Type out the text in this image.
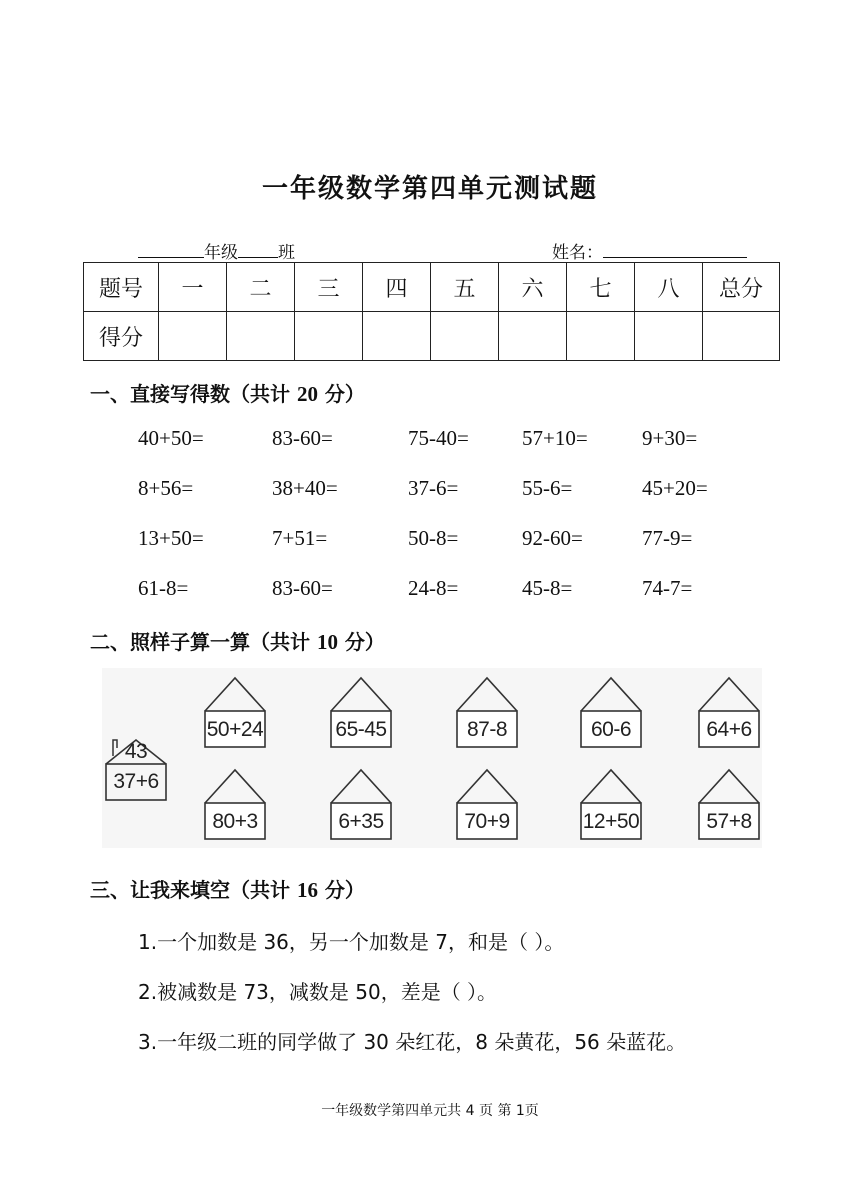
一年级数学第四单元测试题
年级 班	姓名：
题号	一	二	三	四	五	六	七	八	总分
得分									
一、直接写得数（共计 20 分）
40+50=	83-60=	75-40=	57+10=	9+30=
8+56=	38+40=	37-6=	55-6=	45+20=
13+50=	7+51=	50-8=	92-60=	77-9=
61-8=	83-60=	24-8=	45-8=	74-7=
二、照样子算一算（共计 10 分）
43
37+6
50+24	65-45	87-8	60-6	64+6
80+3	6+35	70+9	12+50	57+8
三、让我来填空（共计 16 分）
1.一个加数是 36，另一个加数是 7，和是（ ）。
2.被减数是 73，减数是 50，差是（ ）。
3.一年级二班的同学做了 30 朵红花，8 朵黄花，56 朵蓝花。
一年级数学第四单元共 4 页 第 1页
